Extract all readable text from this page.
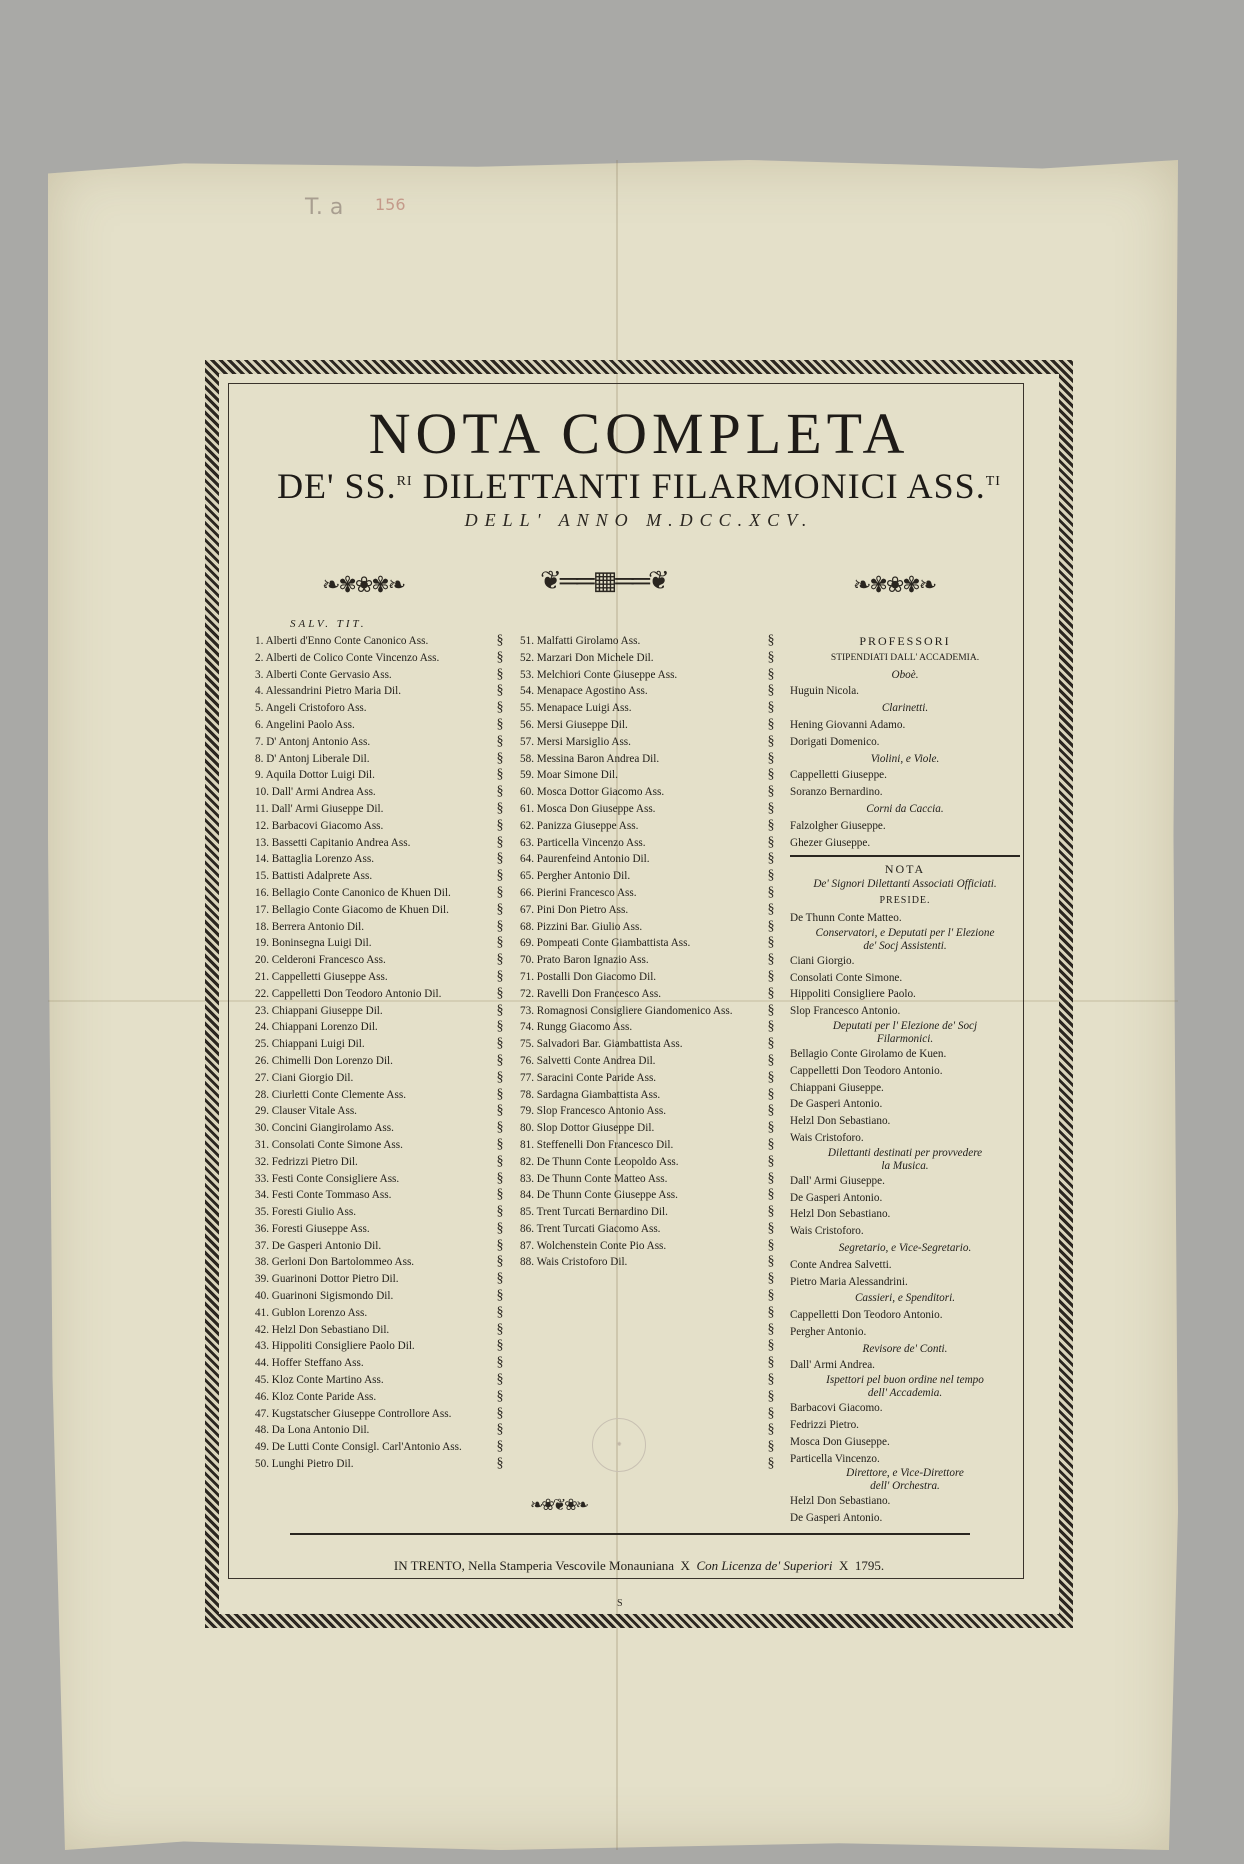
T. a 156
NOTA COMPLETA
DE' SS.$^{RI}$ DILETTANTI FILARMONICI ASS.$^{TI}$
DELL' ANNO M.DCC.XCV.
❧✾❀✾❧	❦══▦══❦	❧✾❀✾❧
SALV. TIT.
1. Alberti d'Enno Conte Canonico Ass.
2. Alberti de Colico Conte Vincenzo Ass.
3. Alberti Conte Gervasio Ass.
4. Alessandrini Pietro Maria Dil.
5. Angeli Cristoforo Ass.
6. Angelini Paolo Ass.
7. D' Antonj Antonio Ass.
8. D' Antonj Liberale Dil.
9. Aquila Dottor Luigi Dil.
10. Dall' Armi Andrea Ass.
11. Dall' Armi Giuseppe Dil.
12. Barbacovi Giacomo Ass.
13. Bassetti Capitanio Andrea Ass.
14. Battaglia Lorenzo Ass.
15. Battisti Adalprete Ass.
16. Bellagio Conte Canonico de Khuen Dil.
17. Bellagio Conte Giacomo de Khuen Dil.
18. Berrera Antonio Dil.
19. Boninsegna Luigi Dil.
20. Celderoni Francesco Ass.
21. Cappelletti Giuseppe Ass.
22. Cappelletti Don Teodoro Antonio Dil.
23. Chiappani Giuseppe Dil.
24. Chiappani Lorenzo Dil.
25. Chiappani Luigi Dil.
26. Chimelli Don Lorenzo Dil.
27. Ciani Giorgio Dil.
28. Ciurletti Conte Clemente Ass.
29. Clauser Vitale Ass.
30. Concini Giangirolamo Ass.
31. Consolati Conte Simone Ass.
32. Fedrizzi Pietro Dil.
33. Festi Conte Consigliere Ass.
34. Festi Conte Tommaso Ass.
35. Foresti Giulio Ass.
36. Foresti Giuseppe Ass.
37. De Gasperi Antonio Dil.
38. Gerloni Don Bartolommeo Ass.
39. Guarinoni Dottor Pietro Dil.
40. Guarinoni Sigismondo Dil.
41. Gublon Lorenzo Ass.
42. Helzl Don Sebastiano Dil.
43. Hippoliti Consigliere Paolo Dil.
44. Hoffer Steffano Ass.
45. Kloz Conte Martino Ass.
46. Kloz Conte Paride Ass.
47. Kugstatscher Giuseppe Controllore Ass.
48. Da Lona Antonio Dil.
49. De Lutti Conte Consigl. Carl'Antonio Ass.
50. Lunghi Pietro Dil.
§
§
§
§
§
§
§
§
§
§
§
§
§
§
§
§
§
§
§
§
§
§
§
§
§
§
§
§
§
§
§
§
§
§
§
§
§
§
§
§
§
§
§
§
§
§
§
§
§
§
51. Malfatti Girolamo Ass.
52. Marzari Don Michele Dil.
53. Melchiori Conte Giuseppe Ass.
54. Menapace Agostino Ass.
55. Menapace Luigi Ass.
56. Mersi Giuseppe Dil.
57. Mersi Marsiglio Ass.
58. Messina Baron Andrea Dil.
59. Moar Simone Dil.
60. Mosca Dottor Giacomo Ass.
61. Mosca Don Giuseppe Ass.
62. Panizza Giuseppe Ass.
63. Particella Vincenzo Ass.
64. Paurenfeind Antonio Dil.
65. Pergher Antonio Dil.
66. Pierini Francesco Ass.
67. Pini Don Pietro Ass.
68. Pizzini Bar. Giulio Ass.
69. Pompeati Conte Giambattista Ass.
70. Prato Baron Ignazio Ass.
71. Postalli Don Giacomo Dil.
72. Ravelli Don Francesco Ass.
73. Romagnosi Consigliere Giandomenico Ass.
74. Rungg Giacomo Ass.
75. Salvadori Bar. Giambattista Ass.
76. Salvetti Conte Andrea Dil.
77. Saracini Conte Paride Ass.
78. Sardagna Giambattista Ass.
79. Slop Francesco Antonio Ass.
80. Slop Dottor Giuseppe Dil.
81. Steffenelli Don Francesco Dil.
82. De Thunn Conte Leopoldo Ass.
83. De Thunn Conte Matteo Ass.
84. De Thunn Conte Giuseppe Ass.
85. Trent Turcati Bernardino Dil.
86. Trent Turcati Giacomo Ass.
87. Wolchenstein Conte Pio Ass.
88. Wais Cristoforo Dil.
§
§
§
§
§
§
§
§
§
§
§
§
§
§
§
§
§
§
§
§
§
§
§
§
§
§
§
§
§
§
§
§
§
§
§
§
§
§
§
§
§
§
§
§
§
§
§
§
§
§
PROFESSORI
STIPENDIATI DALL' ACCADEMIA.
Oboè.
Huguin Nicola.
Clarinetti.
Hening Giovanni Adamo.
Dorigati Domenico.
Violini, e Viole.
Cappelletti Giuseppe.
Soranzo Bernardino.
Corni da Caccia.
Falzolgher Giuseppe.
Ghezer Giuseppe.
NOTA
De' Signori Dilettanti Associati Officiati.
PRESIDE.
De Thunn Conte Matteo.
Conservatori, e Deputati per l' Elezione
de' Socj Assistenti.
Ciani Giorgio.
Consolati Conte Simone.
Hippoliti Consigliere Paolo.
Slop Francesco Antonio.
Deputati per l' Elezione de' Socj
Filarmonici.
Bellagio Conte Girolamo de Kuen.
Cappelletti Don Teodoro Antonio.
Chiappani Giuseppe.
De Gasperi Antonio.
Helzl Don Sebastiano.
Wais Cristoforo.
Dilettanti destinati per provvedere
la Musica.
Dall' Armi Giuseppe.
De Gasperi Antonio.
Helzl Don Sebastiano.
Wais Cristoforo.
Segretario, e Vice-Segretario.
Conte Andrea Salvetti.
Pietro Maria Alessandrini.
Cassieri, e Spenditori.
Cappelletti Don Teodoro Antonio.
Pergher Antonio.
Revisore de' Conti.
Dall' Armi Andrea.
Ispettori pel buon ordine nel tempo
dell' Accademia.
Barbacovi Giacomo.
Fedrizzi Pietro.
Mosca Don Giuseppe.
Particella Vincenzo.
Direttore, e Vice-Direttore
dell' Orchestra.
Helzl Don Sebastiano.
De Gasperi Antonio.
✺
❧❀❦❀❧
IN TRENTO, Nella Stamperia Vescovile Monauniana X Con Licenza de' Superiori X 1795.
S
